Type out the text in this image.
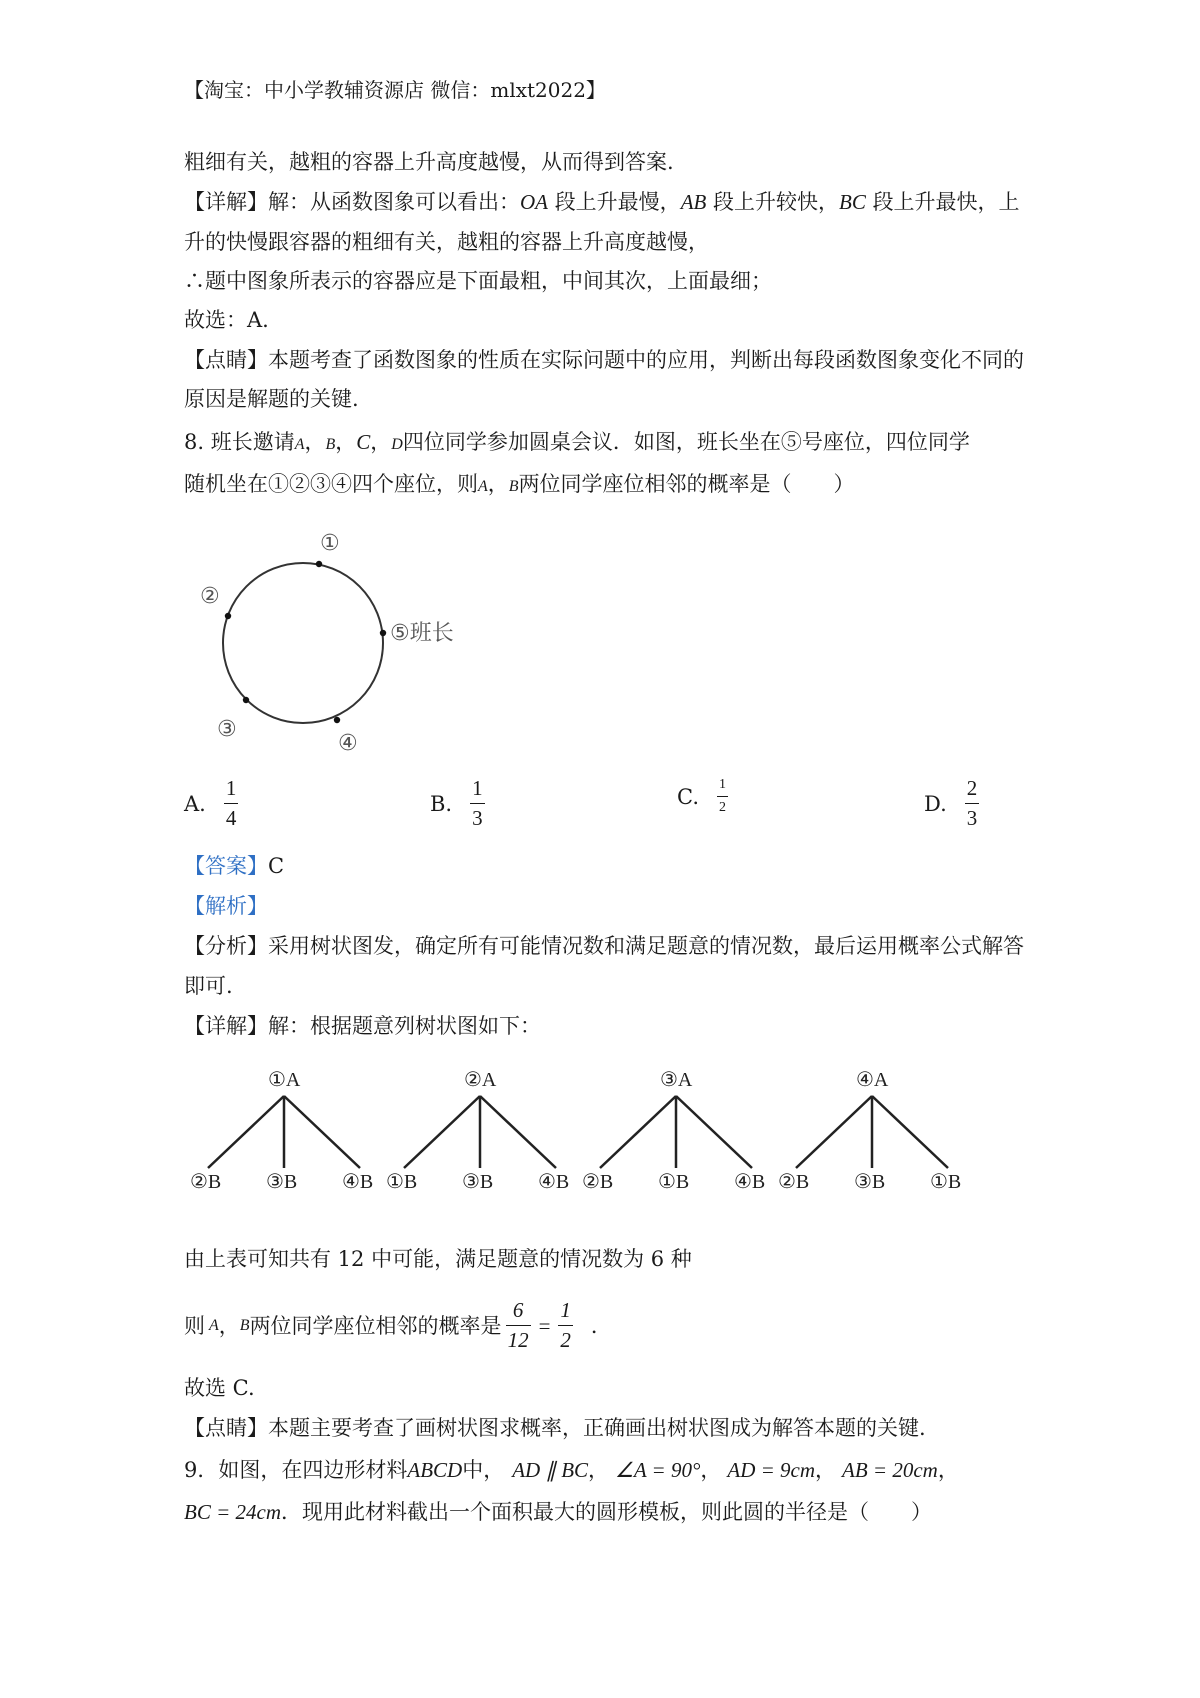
【淘宝：中小学教辅资源店 微信：mlxt2022】
粗细有关，越粗的容器上升高度越慢，从而得到答案.
【详解】解：从函数图象可以看出：OA 段上升最慢，AB 段上升较快，BC 段上升最快，上
升的快慢跟容器的粗细有关，越粗的容器上升高度越慢，
∴题中图象所表示的容器应是下面最粗，中间其次，上面最细；
故选：A.
【点睛】本题考查了函数图象的性质在实际问题中的应用，判断出每段函数图象变化不同的
原因是解题的关键.
8. 班长邀请A，B，C，D四位同学参加圆桌会议．如图，班长坐在⑤号座位，四位同学
随机坐在①②③④四个座位，则A，B两位同学座位相邻的概率是（　　）
①
②
③
④
⑤班长
A. $\frac{1}{4}$	B. $\frac{1}{3}$	C. $\frac{1}{2}$	D. $\frac{2}{3}$
【答案】C
【解析】
【分析】采用树状图发，确定所有可能情况数和满足题意的情况数，最后运用概率公式解答
即可.
【详解】解：根据题意列树状图如下：
①A
②B ③B ④B
②A
①B ③B ④B
③A
②B ①B ④B
④A
②B ③B ①B
由上表可知共有 12 中可能，满足题意的情况数为 6 种
则 A ， B 两位同学座位相邻的概率是 $\frac{6}{12} = \frac{1}{2}$ ．
故选 C.
【点睛】本题主要考查了画树状图求概率，正确画出树状图成为解答本题的关键.
9．如图，在四边形材料ABCD中， AD ∥ BC， ∠A = 90°， AD = 9cm， AB = 20cm，
BC = 24cm．现用此材料截出一个面积最大的圆形模板，则此圆的半径是（　　）
